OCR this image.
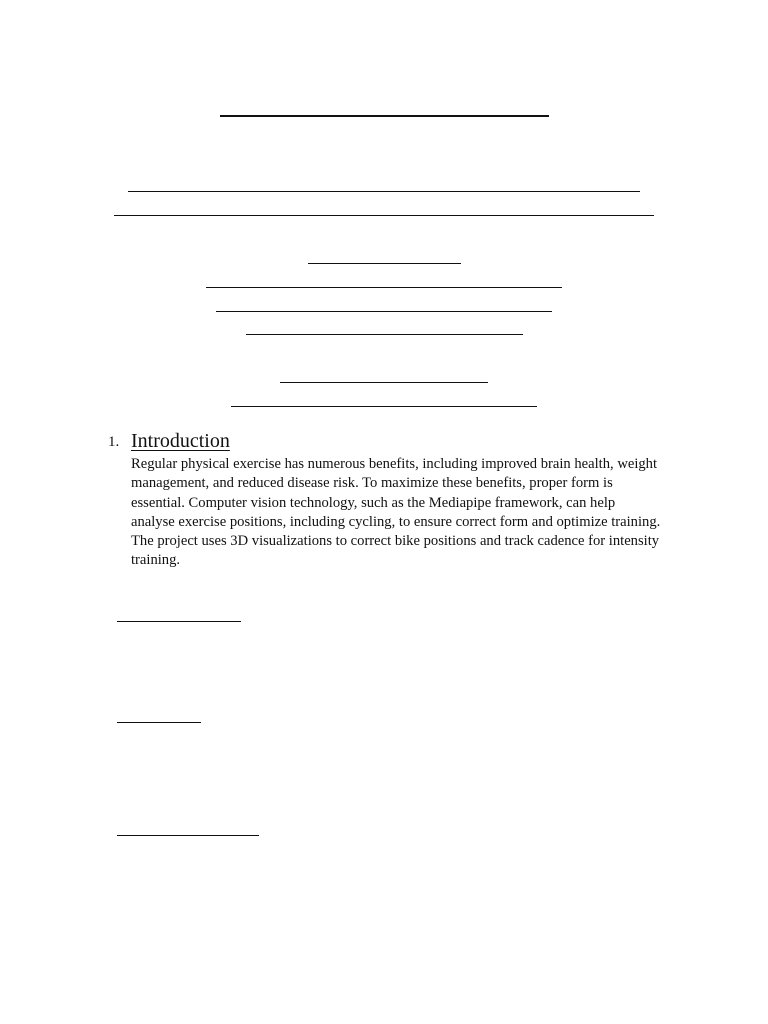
1. Introduction
Regular physical exercise has numerous benefits, including improved brain health, weight
management, and reduced disease risk. To maximize these benefits, proper form is
essential. Computer vision technology, such as the Mediapipe framework, can help
analyse exercise positions, including cycling, to ensure correct form and optimize training.
The project uses 3D visualizations to correct bike positions and track cadence for intensity
training.
